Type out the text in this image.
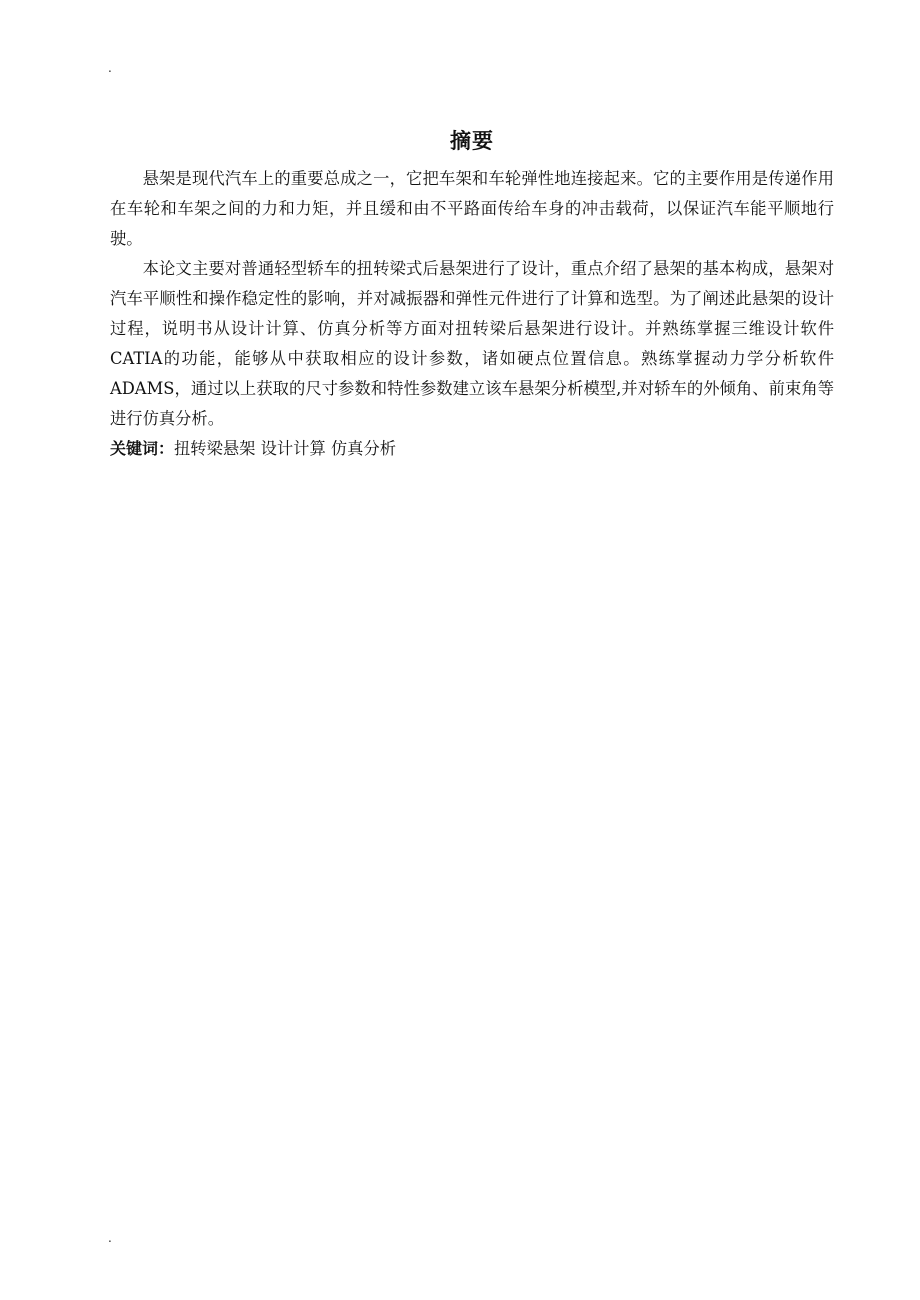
.
摘要

悬架是现代汽车上的重要总成之一，它把车架和车轮弹性地连接起来。它的主要作用是传递作用在车轮和车架之间的力和力矩，并且缓和由不平路面传给车身的冲击载荷，以保证汽车能平顺地行驶。

本论文主要对普通轻型轿车的扭转梁式后悬架进行了设计，重点介绍了悬架的基本构成，悬架对汽车平顺性和操作稳定性的影响，并对减振器和弹性元件进行了计算和选型。为了阐述此悬架的设计过程，说明书从设计计算、仿真分析等方面对扭转梁后悬架进行设计。并熟练掌握三维设计软件CATIA的功能，能够从中获取相应的设计参数，诸如硬点位置信息。熟练掌握动力学分析软件ADAMS，通过以上获取的尺寸参数和特性参数建立该车悬架分析模型,并对轿车的外倾角、前束角等进行仿真分析。

关键词：扭转梁悬架 设计计算 仿真分析

.
